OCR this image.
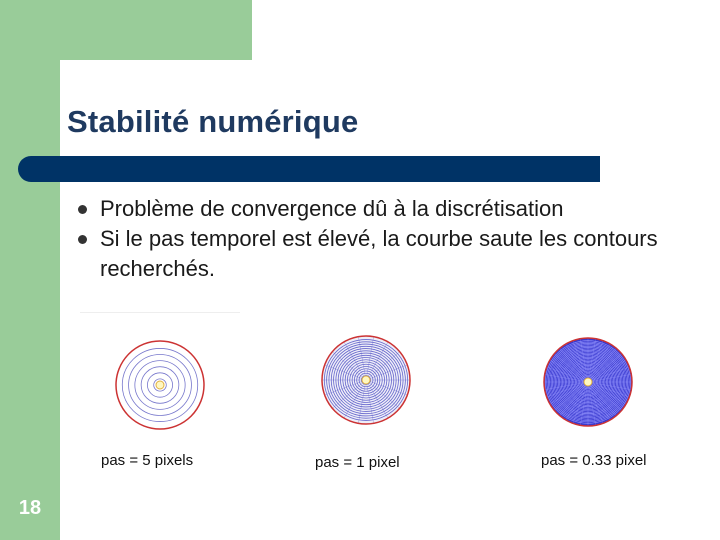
Stabilité numérique
Problème de convergence dû à la discrétisation
Si le pas temporel est élevé, la courbe saute les contours recherchés.
pas = 5 pixels	pas = 1 pixel	pas = 0.33 pixel
18
